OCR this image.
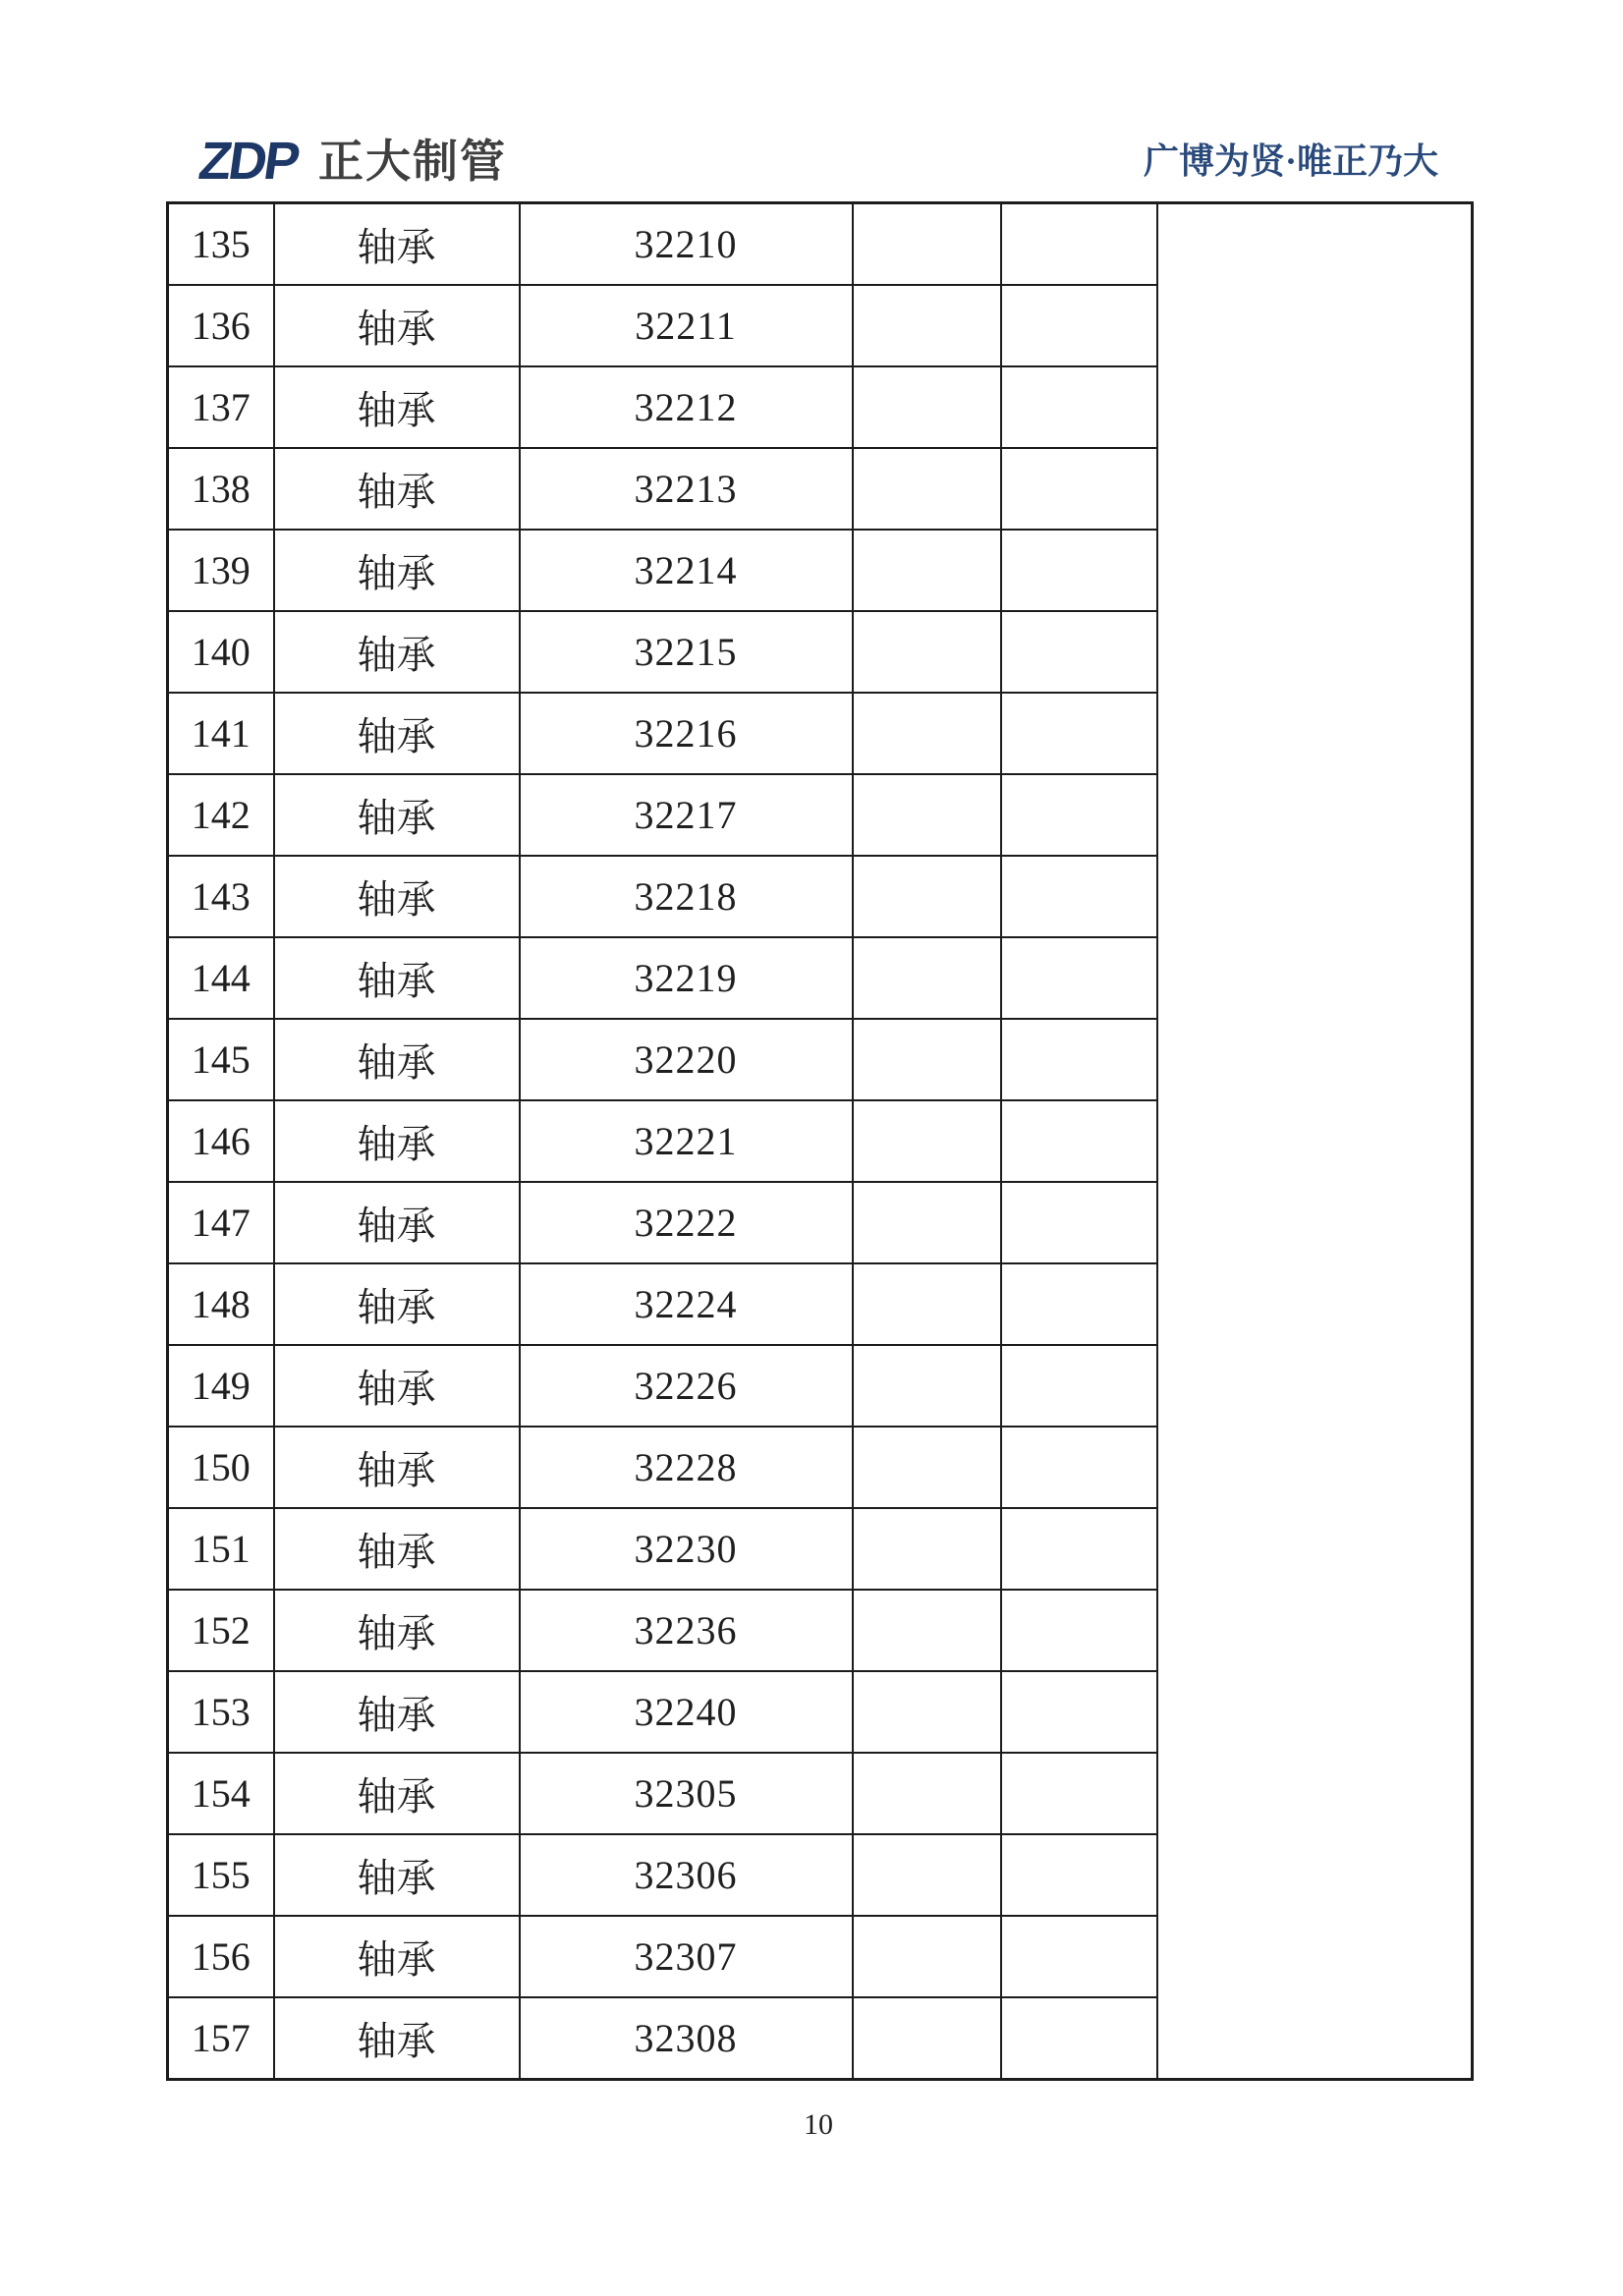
ZDP 正大制管	广博为贤·唯正乃大
135	轴承	32210			
136	轴承	32211			
137	轴承	32212			
138	轴承	32213			
139	轴承	32214			
140	轴承	32215			
141	轴承	32216			
142	轴承	32217			
143	轴承	32218			
144	轴承	32219			
145	轴承	32220			
146	轴承	32221			
147	轴承	32222			
148	轴承	32224			
149	轴承	32226			
150	轴承	32228			
151	轴承	32230			
152	轴承	32236			
153	轴承	32240			
154	轴承	32305			
155	轴承	32306			
156	轴承	32307			
157	轴承	32308			
10
